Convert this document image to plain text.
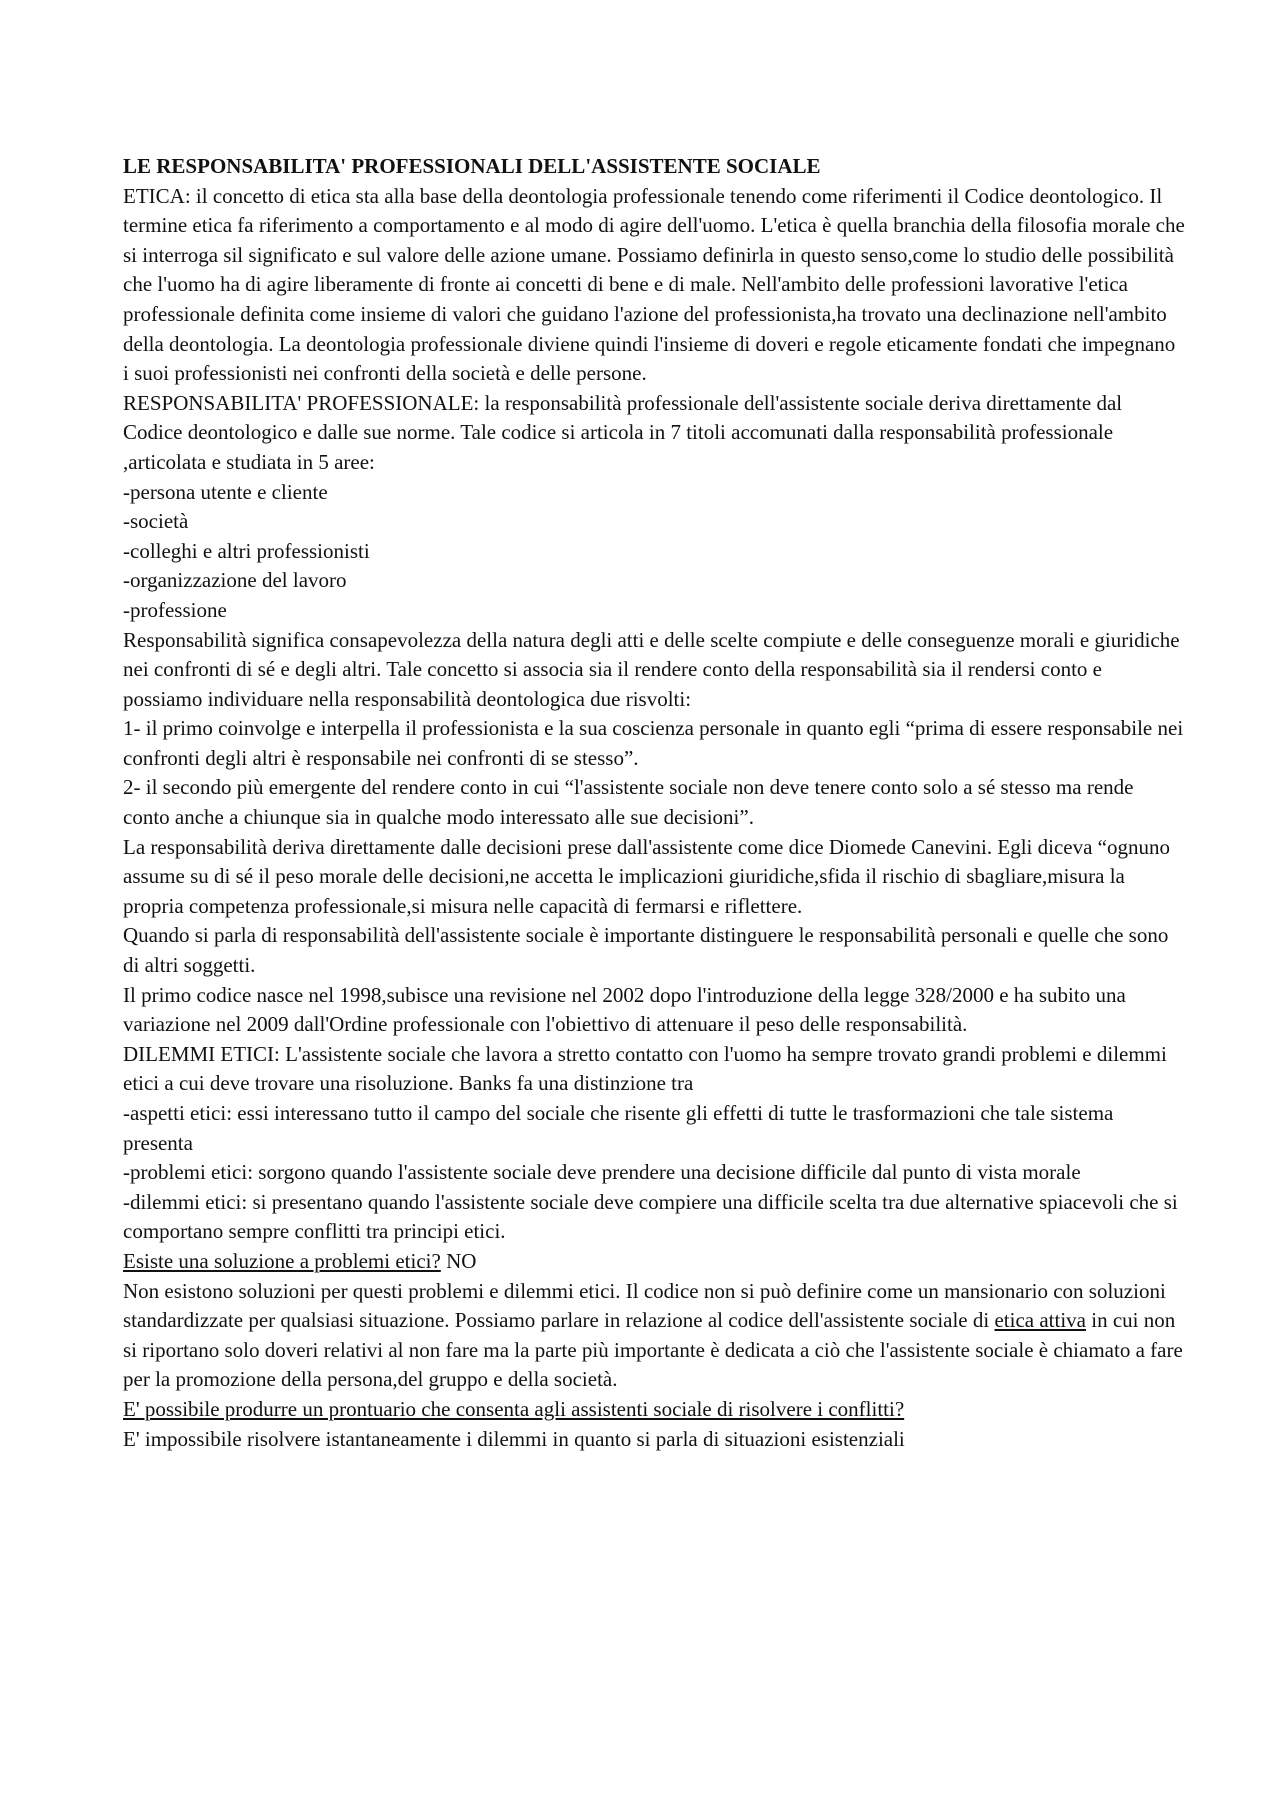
LE RESPONSABILITA' PROFESSIONALI DELL'ASSISTENTE SOCIALE

ETICA: il concetto di etica sta alla base della deontologia professionale tenendo come riferimenti il Codice deontologico. Il termine etica fa riferimento a comportamento e al modo di agire dell'uomo. L'etica è quella branchia della filosofia morale che si interroga sil significato e sul valore delle azione umane. Possiamo definirla in questo senso,come lo studio delle possibilità che l'uomo ha di agire liberamente di fronte ai concetti di bene e di male. Nell'ambito delle professioni lavorative l'etica professionale definita come insieme di valori che guidano l'azione del professionista,ha trovato una declinazione nell'ambito della deontologia. La deontologia professionale diviene quindi l'insieme di doveri e regole eticamente fondati che impegnano i suoi professionisti nei confronti della società e delle persone.

RESPONSABILITA' PROFESSIONALE: la responsabilità professionale dell'assistente sociale deriva direttamente dal Codice deontologico e dalle sue norme. Tale codice si articola in 7 titoli accomunati dalla responsabilità professionale ,articolata e studiata in 5 aree:

-persona utente e cliente

-società

-colleghi e altri professionisti

-organizzazione del lavoro

-professione

Responsabilità significa consapevolezza della natura degli atti e delle scelte compiute e delle conseguenze morali e giuridiche nei confronti di sé e degli altri. Tale concetto si associa sia il rendere conto della responsabilità sia il rendersi conto e possiamo individuare nella responsabilità deontologica due risvolti:

1- il primo coinvolge e interpella il professionista e la sua coscienza personale in quanto egli “prima di essere responsabile nei confronti degli altri è responsabile nei confronti di se stesso”.

2- il secondo più emergente del rendere conto in cui “l'assistente sociale non deve tenere conto solo a sé stesso ma rende conto anche a chiunque sia in qualche modo interessato alle sue decisioni”.

La responsabilità deriva direttamente dalle decisioni prese dall'assistente come dice Diomede Canevini. Egli diceva “ognuno assume su di sé il peso morale delle decisioni,ne accetta le implicazioni giuridiche,sfida il rischio di sbagliare,misura la propria competenza professionale,si misura nelle capacità di fermarsi e riflettere.

Quando si parla di responsabilità dell'assistente sociale è importante distinguere le responsabilità personali e quelle che sono di altri soggetti.

Il primo codice nasce nel 1998,subisce una revisione nel 2002 dopo l'introduzione della legge 328/2000 e ha subito una variazione nel 2009 dall'Ordine professionale con l'obiettivo di attenuare il peso delle responsabilità.

DILEMMI ETICI: L'assistente sociale che lavora a stretto contatto con l'uomo ha sempre trovato grandi problemi e dilemmi etici a cui deve trovare una risoluzione. Banks fa una distinzione tra

-aspetti etici: essi interessano tutto il campo del sociale che risente gli effetti di tutte le trasformazioni che tale sistema presenta

-problemi etici: sorgono quando l'assistente sociale deve prendere una decisione difficile dal punto di vista morale

-dilemmi etici: si presentano quando l'assistente sociale deve compiere una difficile scelta tra due alternative spiacevoli che si comportano sempre conflitti tra principi etici.

Esiste una soluzione a problemi etici? NO

Non esistono soluzioni per questi problemi e dilemmi etici. Il codice non si può definire come un mansionario con soluzioni standardizzate per qualsiasi situazione. Possiamo parlare in relazione al codice dell'assistente sociale di etica attiva in cui non si riportano solo doveri relativi al non fare ma la parte più importante è dedicata a ciò che l'assistente sociale è chiamato a fare per la promozione della persona,del gruppo e della società.

E' possibile produrre un prontuario che consenta agli assistenti sociale di risolvere i conflitti?

E' impossibile risolvere istantaneamente i dilemmi in quanto si parla di situazioni esistenziali
